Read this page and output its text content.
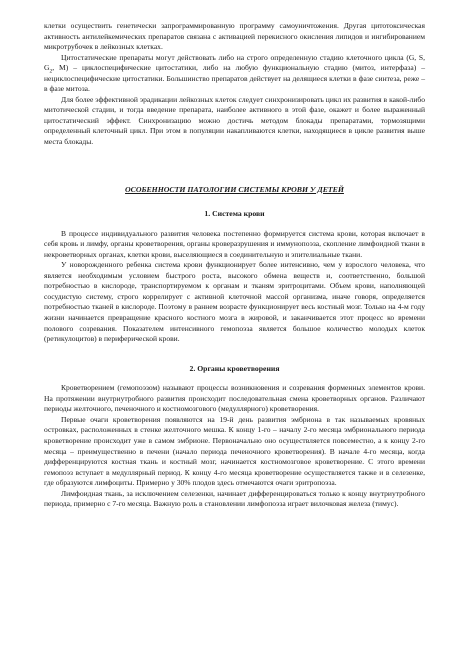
клетки осуществить генетически запрограммированную программу самоуничтожения. Другая цитотоксическая активность антилейкемических препаратов связана с активацией перекисного окисления липидов и ингибированием микротрубочек в лейкозных клетках.

Цитостатические препараты могут действовать либо на строго определенную стадию клеточного цикла (G, S, $G_2$, M) – циклоспецифические цитостатики, либо на любую функциональную стадию (митоз, интерфаза) – нециклоспецифические цитостатики. Большинство препаратов действует на делящиеся клетки в фазе синтеза, реже – в фазе митоза.

Для более эффективной эрадикации лейкозных клеток следует синхронизировать цикл их развития в какой-либо митотической стадии, и тогда введение препарата, наиболее активного в этой фазе, окажет и более выраженный цитостатический эффект. Синхронизацию можно достичь методом блокады препаратами, тормозящими определенный клеточный цикл. При этом в популяции накапливаются клетки, находящиеся в цикле развития выше места блокады.

ОСОБЕННОСТИ ПАТОЛОГИИ СИСТЕМЫ КРОВИ У ДЕТЕЙ

1. Система крови

В процессе индивидуального развития человека постепенно формируется система крови, которая включает в себя кровь и лимфу, органы кроветворения, органы кроверазрушения и иммунопоэза, скопление лимфоидной ткани в некроветворных органах, клетки крови, выселяющиеся в соединительную и эпителиальные ткани.

У новорожденного ребенка система крови функционирует более интенсивно, чем у взрослого человека, что является необходимым условием быстрого роста, высокого обмена веществ и, соответственно, большой потребностью в кислороде, транспортируемом к органам и тканям эритроцитами. Объем крови, наполняющей сосудистую систему, строго коррелирует с активной клеточной массой организма, иначе говоря, определяется потребностью тканей в кислороде. Поэтому в раннем возрасте функционирует весь костный мозг. Только на 4-м году жизни начинается превращение красного костного мозга в жировой, и заканчивается этот процесс ко времени полового созревания. Показателем интенсивного гемопоэза является большое количество молодых клеток (ретикулоцитов) в периферической крови.

2. Органы кроветворения

Кроветворением (гемопоэзом) называют процессы возникновения и созревания форменных элементов крови. На протяжении внутриутробного развития происходит последовательная смена кроветворных органов. Различают периоды желточного, печеночного и костномозгового (медуллярного) кроветворения.

Первые очаги кроветворения появляются на 19-й день развития эмбриона в так называемых кровяных островках, расположенных в стенке желточного мешка. К концу 1-го – началу 2-го месяца эмбрионального периода кроветворение происходит уже в самом эмбрионе. Первоначально оно осуществляется повсеместно, а к концу 2-го месяца – преимущественно в печени (начало периода печеночного кроветворения). В начале 4-го месяца, когда дифференцируются костная ткань и костный мозг, начинается костномозговое кроветворение. С этого времени гемопоэз вступает в медуллярный период. К концу 4-го месяца кроветворение осуществляется также и в селезенке, где образуются лимфоциты. Примерно у 30% плодов здесь отмечаются очаги эритропоэза.

Лимфоидная ткань, за исключением селезенки, начинает дифференцироваться только к концу внутриутробного периода, примерно с 7-го месяца. Важную роль в становлении лимфопоэза играет вилочковая железа (тимус).
